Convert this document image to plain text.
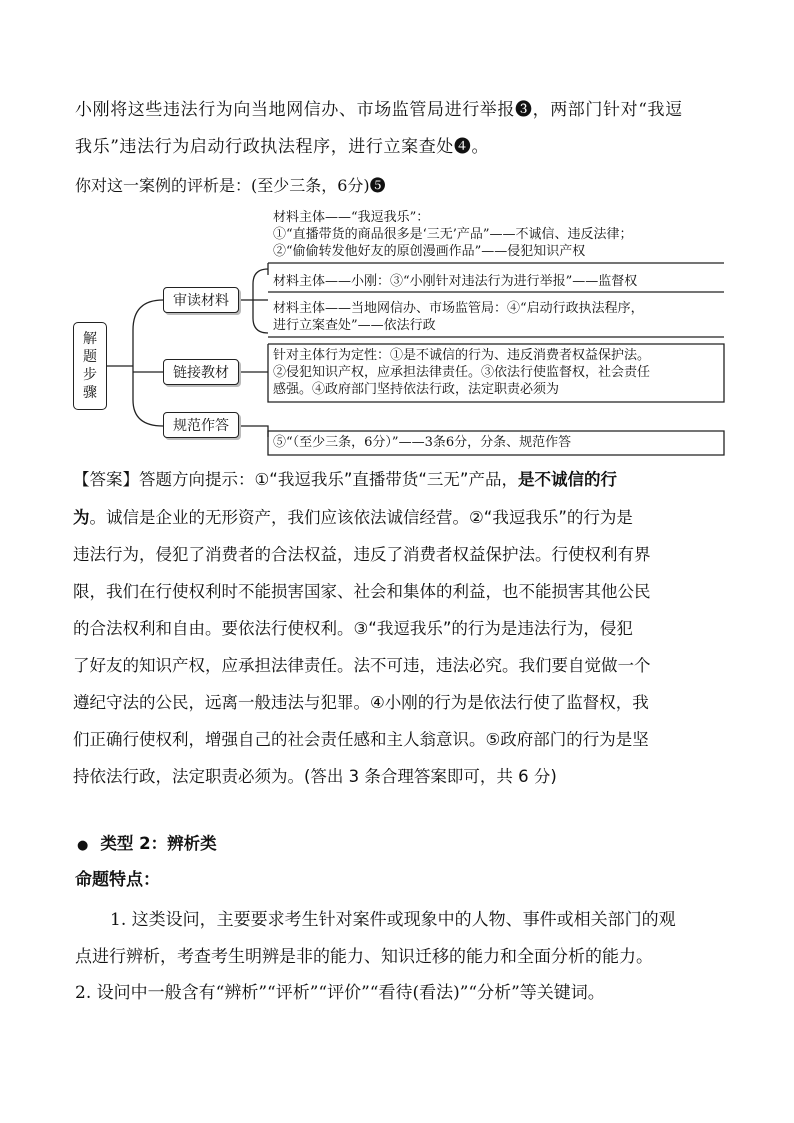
小刚将这些违法行为向当地网信办、市场监管局进行举报❸，两部门针对“我逗
我乐”违法行为启动行政执法程序，进行立案查处❹。
你对这一案例的评析是：(至少三条，6分)❺
解
题
步
骤
审读材料
链接教材
规范作答
材料主体——“我逗我乐”：
①“直播带货的商品很多是‘三无’产品”——不诚信、违反法律；
②“偷偷转发他好友的原创漫画作品”——侵犯知识产权
材料主体——小刚：③“小刚针对违法行为进行举报”——监督权
材料主体——当地网信办、市场监管局：④“启动行政执法程序，
进行立案查处”——依法行政
针对主体行为定性：①是不诚信的行为、违反消费者权益保护法。
②侵犯知识产权，应承担法律责任。③依法行使监督权，社会责任
感强。④政府部门坚持依法行政，法定职责必须为
⑤“（至少三条，6分）”——3条6分，分条、规范作答
【答案】答题方向提示：①“我逗我乐”直播带货“三无”产品，是不诚信的行
为。诚信是企业的无形资产，我们应该依法诚信经营。②“我逗我乐”的行为是
违法行为，侵犯了消费者的合法权益，违反了消费者权益保护法。行使权利有界
限，我们在行使权利时不能损害国家、社会和集体的利益，也不能损害其他公民
的合法权利和自由。要依法行使权利。③“我逗我乐”的行为是违法行为，侵犯
了好友的知识产权，应承担法律责任。法不可违，违法必究。我们要自觉做一个
遵纪守法的公民，远离一般违法与犯罪。④小刚的行为是依法行使了监督权，我
们正确行使权利，增强自己的社会责任感和主人翁意识。⑤政府部门的行为是坚
持依法行政，法定职责必须为。(答出 3 条合理答案即可，共 6 分)
● 类型 2：辨析类
命题特点：
1. 这类设问，主要要求考生针对案件或现象中的人物、事件或相关部门的观
点进行辨析，考查考生明辨是非的能力、知识迁移的能力和全面分析的能力。
2. 设问中一般含有“辨析”“评析”“评价”“看待(看法)”“分析”等关键词。
